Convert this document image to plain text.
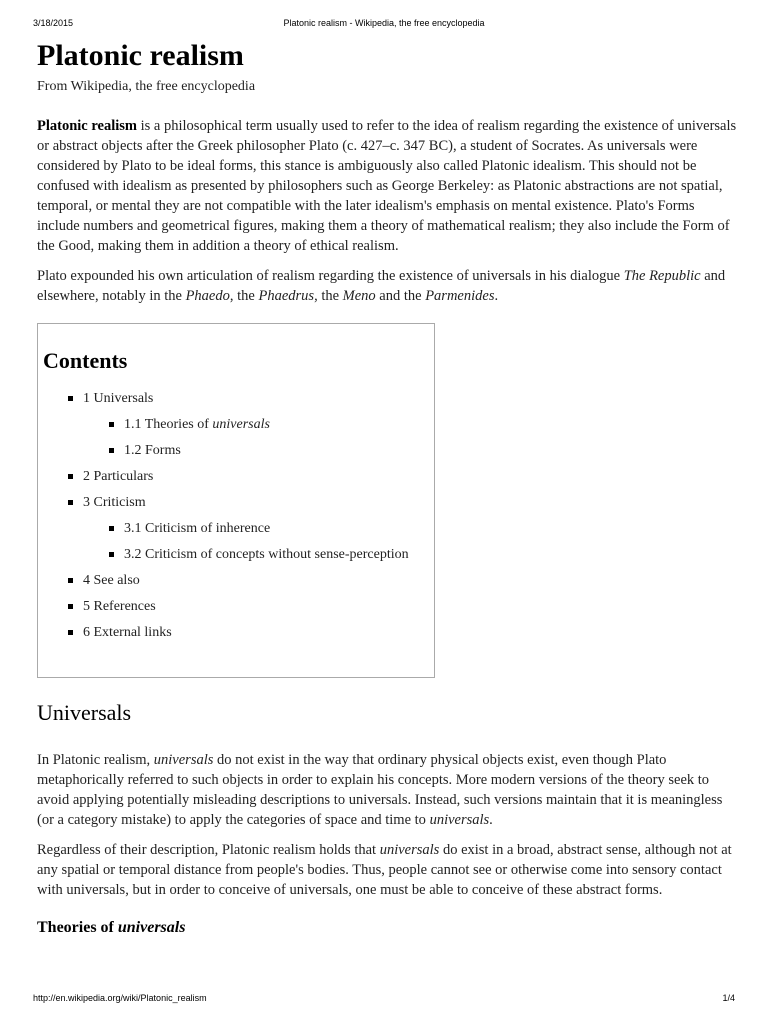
3/18/2015	Platonic realism - Wikipedia, the free encyclopedia
Platonic realism
From Wikipedia, the free encyclopedia

Platonic realism is a philosophical term usually used to refer to the idea of realism regarding the existence of universals or abstract objects after the Greek philosopher Plato (c. 427–c. 347 BC), a student of Socrates. As universals were considered by Plato to be ideal forms, this stance is ambiguously also called Platonic idealism. This should not be confused with idealism as presented by philosophers such as George Berkeley: as Platonic abstractions are not spatial, temporal, or mental they are not compatible with the later idealism's emphasis on mental existence. Plato's Forms include numbers and geometrical figures, making them a theory of mathematical realism; they also include the Form of the Good, making them in addition a theory of ethical realism.

Plato expounded his own articulation of realism regarding the existence of universals in his dialogue The Republic and elsewhere, notably in the Phaedo, the Phaedrus, the Meno and the Parmenides.

Contents
1 Universals
1.1 Theories of universals
1.2 Forms
2 Particulars
3 Criticism
3.1 Criticism of inherence
3.2 Criticism of concepts without sense-perception
4 See also
5 References
6 External links
Universals

In Platonic realism, universals do not exist in the way that ordinary physical objects exist, even though Plato metaphorically referred to such objects in order to explain his concepts. More modern versions of the theory seek to avoid applying potentially misleading descriptions to universals. Instead, such versions maintain that it is meaningless (or a category mistake) to apply the categories of space and time to universals.

Regardless of their description, Platonic realism holds that universals do exist in a broad, abstract sense, although not at any spatial or temporal distance from people's bodies. Thus, people cannot see or otherwise come into sensory contact with universals, but in order to conceive of universals, one must be able to conceive of these abstract forms.

Theories of universals
http://en.wikipedia.org/wiki/Platonic_realism	1/4
